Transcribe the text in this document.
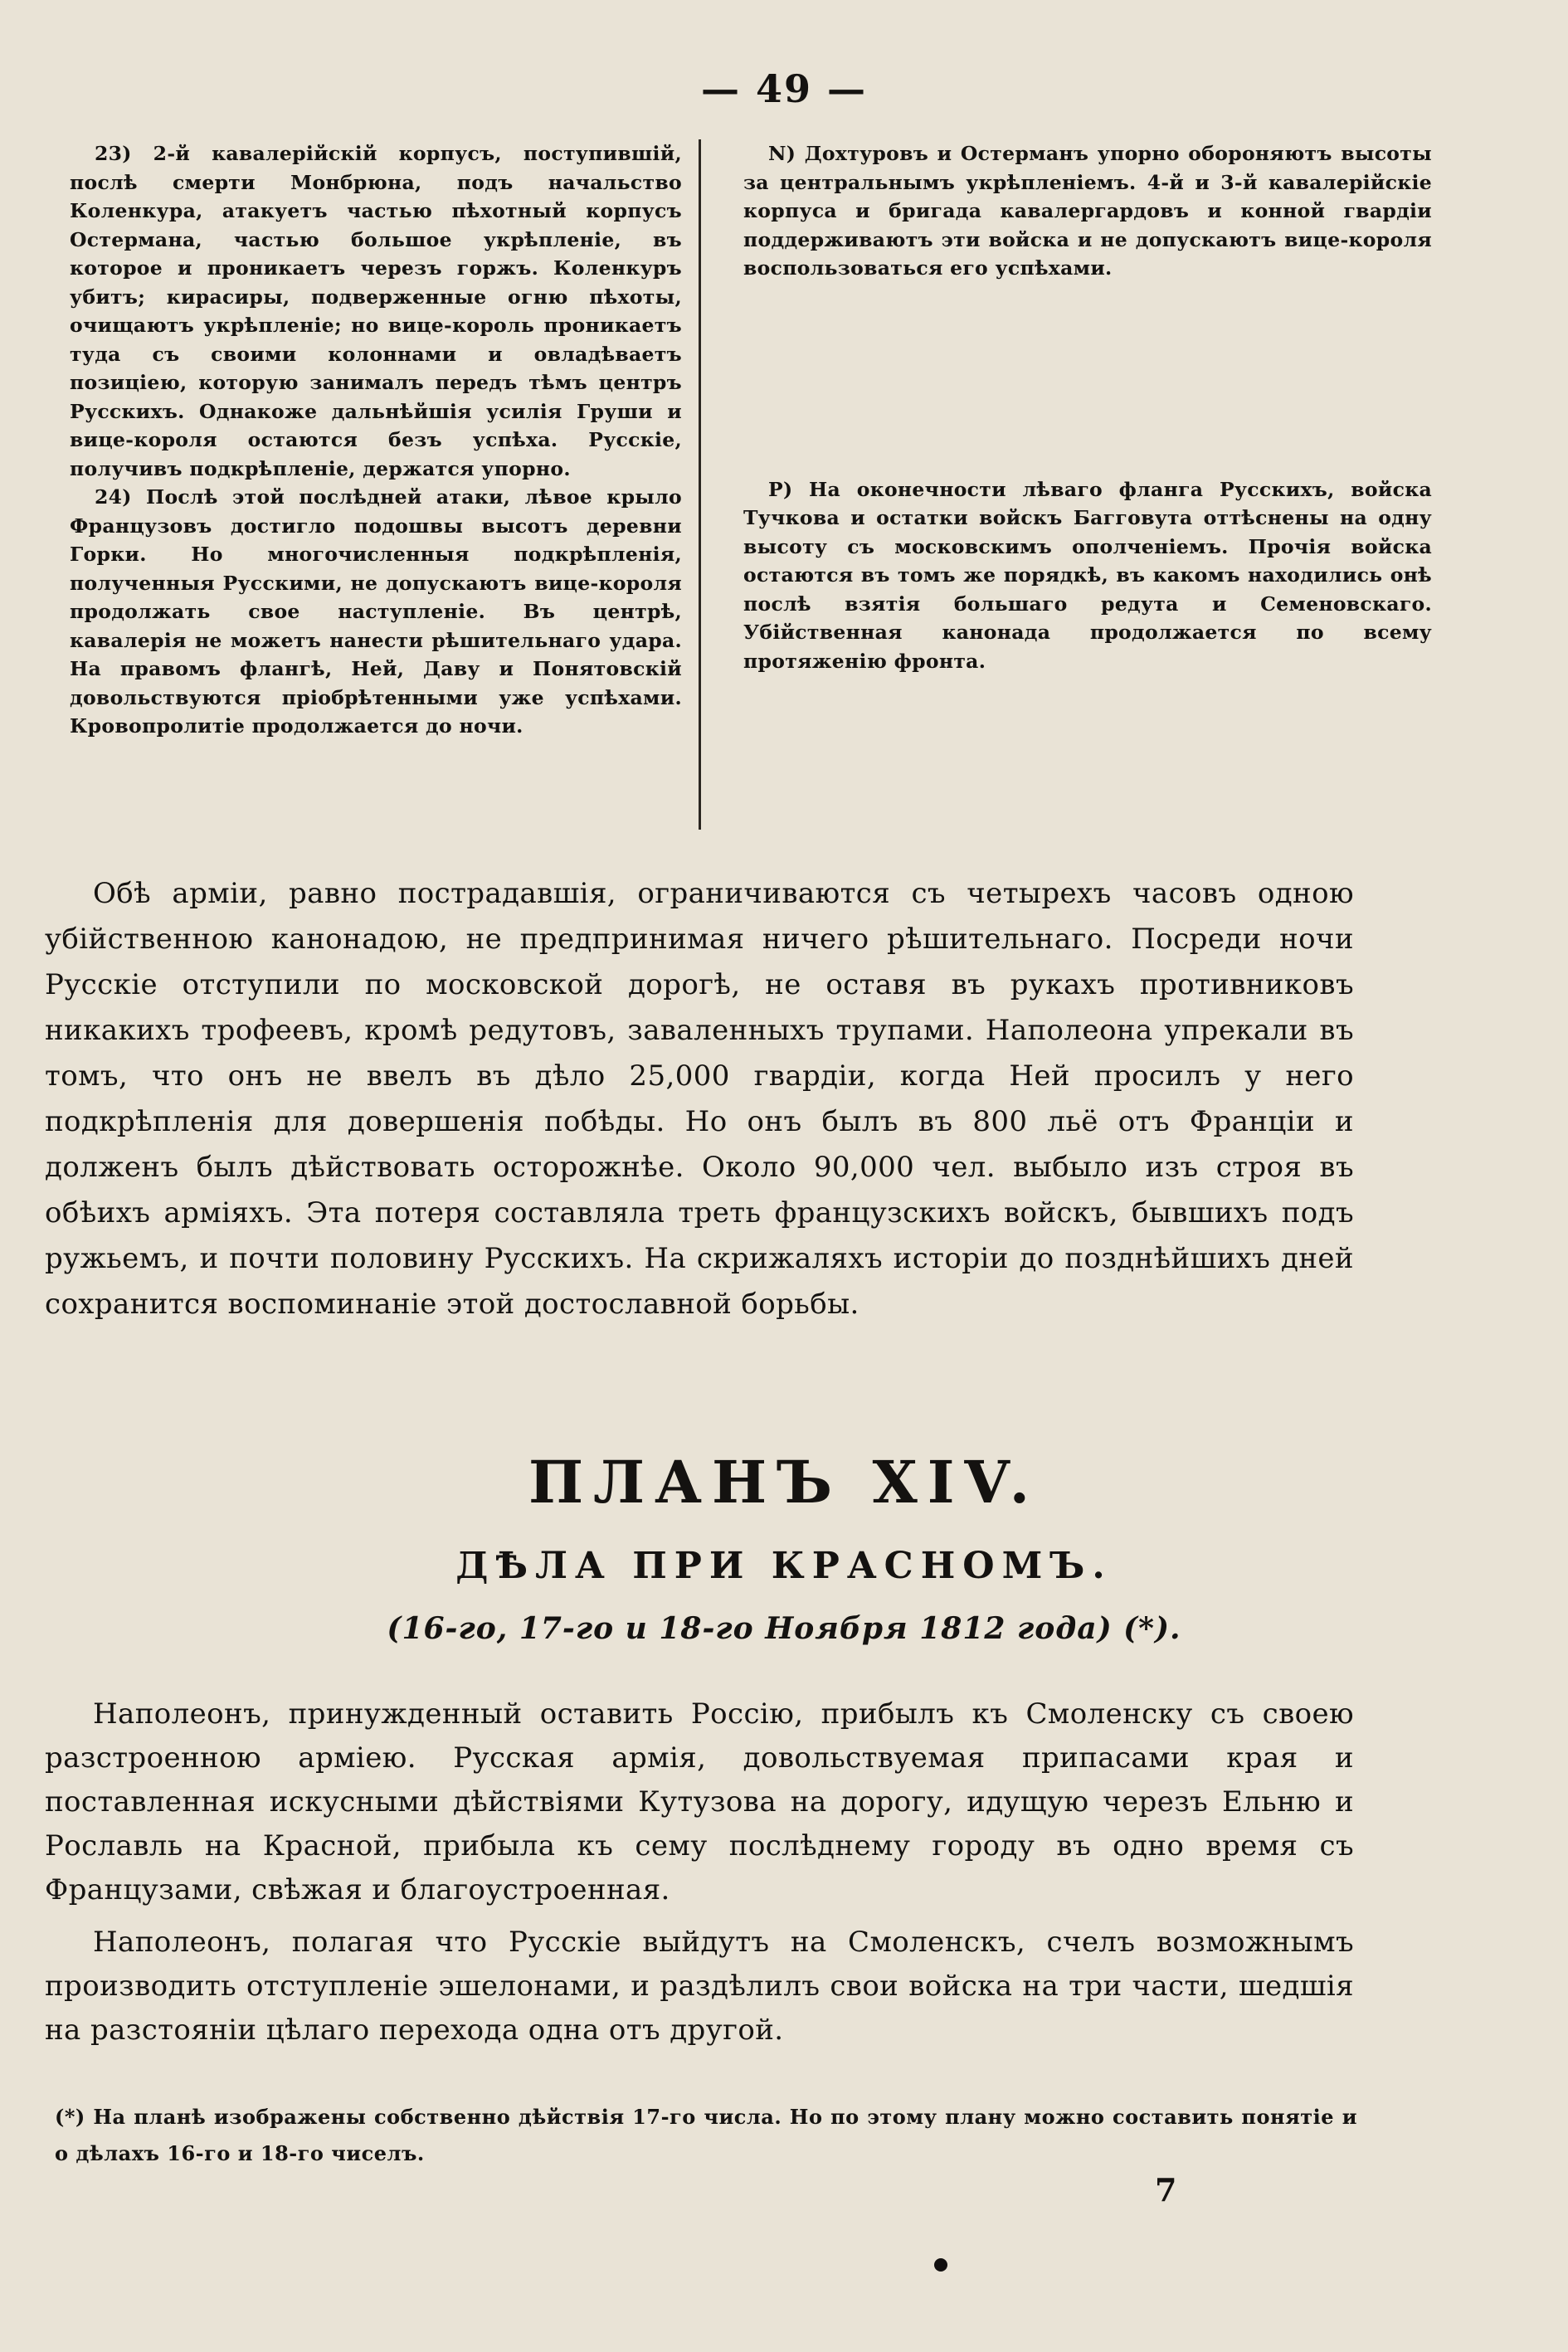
— 49 —

23) 2-й кавалерійскій корпусъ, поступившій, послѣ смерти Монбрюна, подъ начальство Коленкура, атакуетъ частью пѣхотный корпусъ Остермана, частью большое укрѣпленіе, въ которое и проникаетъ черезъ горжъ. Коленкуръ убитъ; кирасиры, подверженные огню пѣхоты, очищаютъ укрѣпленіе; но вице-король проникаетъ туда съ своими колоннами и овладѣваетъ позиціею, которую занималъ передъ тѣмъ центръ Русскихъ. Однакоже дальнѣйшія усилія Груши и вице-короля остаются безъ успѣха. Русскіе, получивъ подкрѣпленіе, держатся упорно.

24) Послѣ этой послѣдней атаки, лѣвое крыло Французовъ достигло подошвы высотъ деревни Горки. Но многочисленныя подкрѣпленія, полученныя Русскими, не допускаютъ вице-короля продолжать свое наступленіе. Въ центрѣ, кавалерія не можетъ нанести рѣшительнаго удара. На правомъ флангѣ, Ней, Даву и Понятовскій довольствуются пріобрѣтенными уже успѣхами. Кровопролитіе продолжается до ночи.

N) Дохтуровъ и Остерманъ упорно обороняютъ высоты за центральнымъ укрѣпленіемъ. 4-й и 3-й кавалерійскіе корпуса и бригада кавалергардовъ и конной гвардіи поддерживаютъ эти войска и не допускаютъ вице-короля воспользоваться его успѣхами.

P) На оконечности лѣваго фланга Русскихъ, войска Тучкова и остатки войскъ Багговута оттѣснены на одну высоту съ московскимъ ополченіемъ. Прочія войска остаются въ томъ же порядкѣ, въ какомъ находились онѣ послѣ взятія большаго редута и Семеновскаго. Убійственная канонада продолжается по всему протяженію фронта.

Обѣ арміи, равно пострадавшія, ограничиваются съ четырехъ часовъ одною убійственною канонадою, не предпринимая ничего рѣшительнаго. Посреди ночи Русскіе отступили по московской дорогѣ, не оставя въ рукахъ противниковъ никакихъ трофеевъ, кромѣ редутовъ, заваленныхъ трупами. Наполеона упрекали въ томъ, что онъ не ввелъ въ дѣло 25,000 гвардіи, когда Ней просилъ у него подкрѣпленія для довершенія побѣды. Но онъ былъ въ 800 льё отъ Франціи и долженъ былъ дѣйствовать осторожнѣе. Около 90,000 чел. выбыло изъ строя въ обѣихъ арміяхъ. Эта потеря составляла треть французскихъ войскъ, бывшихъ подъ ружьемъ, и почти половину Русскихъ. На скрижаляхъ исторіи до позднѣйшихъ дней сохранится воспоминаніе этой достославной борьбы.

ПЛАНЪ XIV.
ДѢЛА ПРИ КРАСНОМЪ.
(16-го, 17-го и 18-го Ноября 1812 года) (*).

Наполеонъ, принужденный оставить Россію, прибылъ къ Смоленску съ своею разстроенною арміею. Русская армія, довольствуемая припасами края и поставленная искусными дѣйствіями Кутузова на дорогу, идущую черезъ Ельню и Рославль на Красной, прибыла къ сему послѣднему городу въ одно время съ Французами, свѣжая и благоустроенная.

Наполеонъ, полагая что Русскіе выйдутъ на Смоленскъ, счелъ возможнымъ производить отступленіе эшелонами, и раздѣлилъ свои войска на три части, шедшія на разстояніи цѣлаго перехода одна отъ другой.

(*) На планѣ изображены собственно дѣйствія 17-го числа. Но по этому плану можно составить понятіе и о дѣлахъ 16-го и 18-го чиселъ.

7
